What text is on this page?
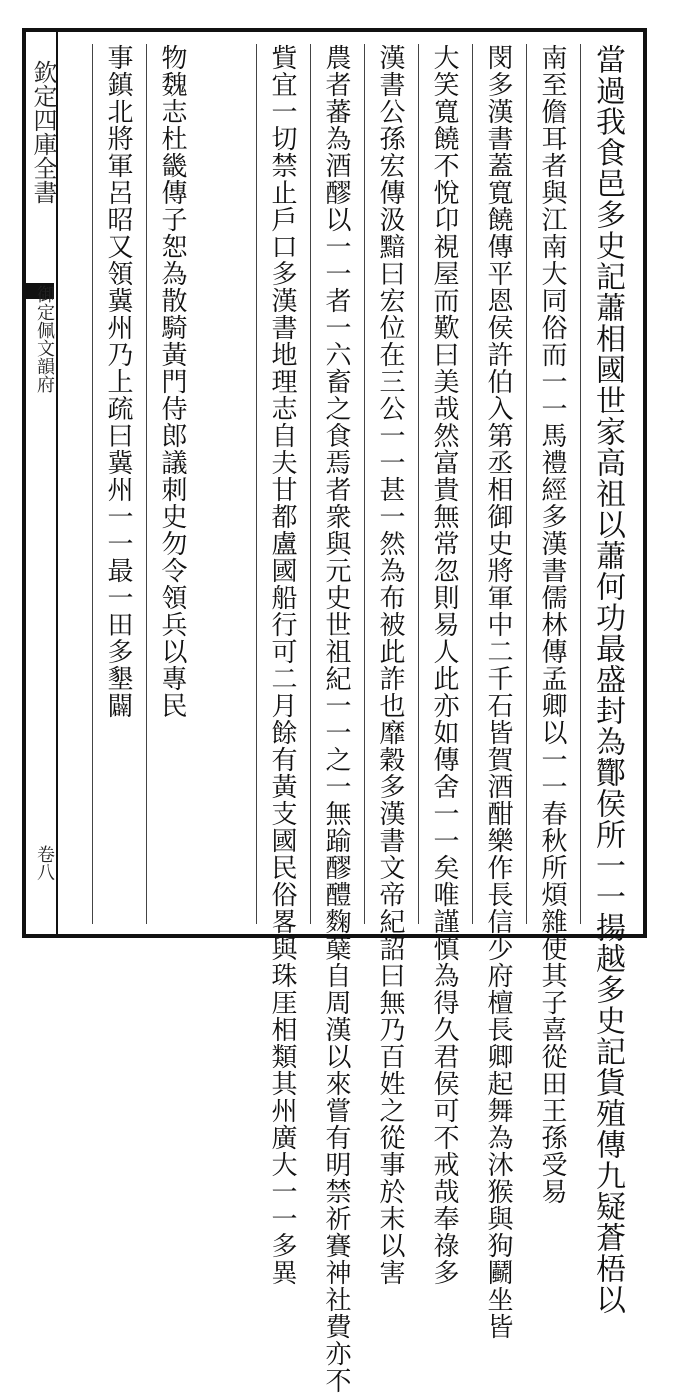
欽定四庫全書
御定佩文韻府
卷八	當過我食邑多史記蕭相國世家高祖以蕭何功最盛封為酇侯所一一揚越多史記貨殖傳九疑蒼梧以
南至儋耳者與江南大同俗而一一馬禮經多漢書儒林傳孟卿以一一春秋所煩雜使其子喜從田王孫受易
閔多漢書蓋寬饒傳平恩侯許伯入第丞相御史將軍中二千石皆賀酒酣樂作長信少府檀長卿起舞為沐猴與狗鬬坐皆
大笑寬饒不悅卬視屋而歎曰美哉然富貴無常忽則易人此亦如傳舍一一矣唯謹慎為得久君侯可不戒哉奉祿多
漢書公孫宏傳汲黯曰宏位在三公一一甚一然為布被此詐也靡穀多漢書文帝紀詔曰無乃百姓之從事於末以害
農者蕃為酒醪以一一者一六畜之食焉者衆與元史世祖紀一一之一無踰醪醴麴蘖自周漢以來嘗有明禁祈賽神社費亦不
貲宜一切禁止戶口多漢書地理志自夫甘都盧國船行可二月餘有黃支國民俗畧與珠厓相類其州廣大一一多異
物魏志杜畿傳子恕為散騎黃門侍郎議刺史勿令領兵以專民
事鎮北將軍呂昭又領冀州乃上疏曰冀州一一最一田多墾闢
